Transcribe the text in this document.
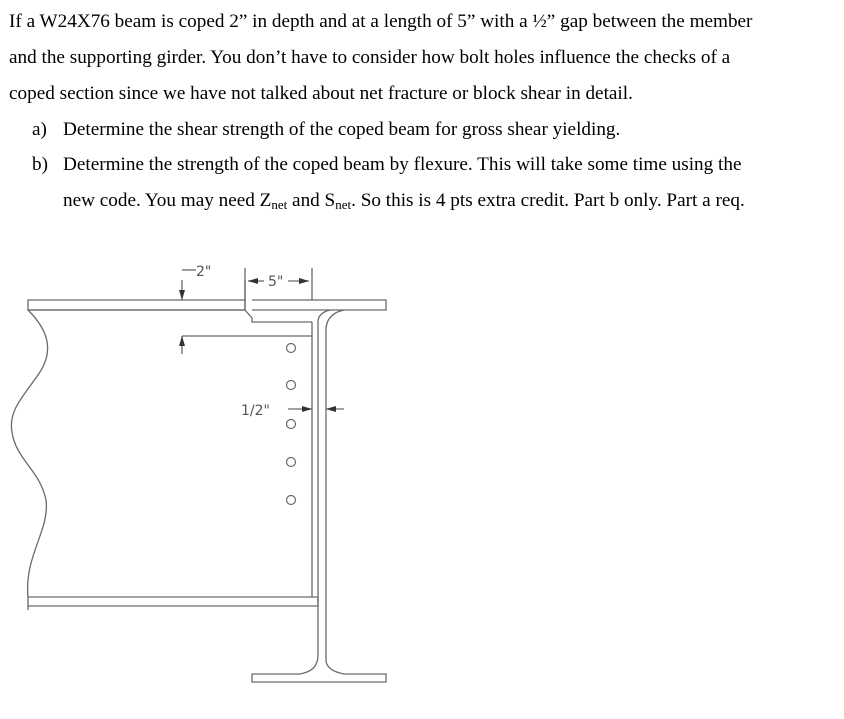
If a W24X76 beam is coped 2” in depth and at a length of 5” with a ½” gap between the member
and the supporting girder. You don’t have to consider how bolt holes influence the checks of a
coped section since we have not talked about net fracture or block shear in detail.
a) Determine the shear strength of the coped beam for gross shear yielding.
b) Determine the strength of the coped beam by flexure. This will take some time using the
new code. You may need $Z_{net}$ and $S_{net}$. So this is 4 pts extra credit. Part b only. Part a req.
2"
5"
1/2"
